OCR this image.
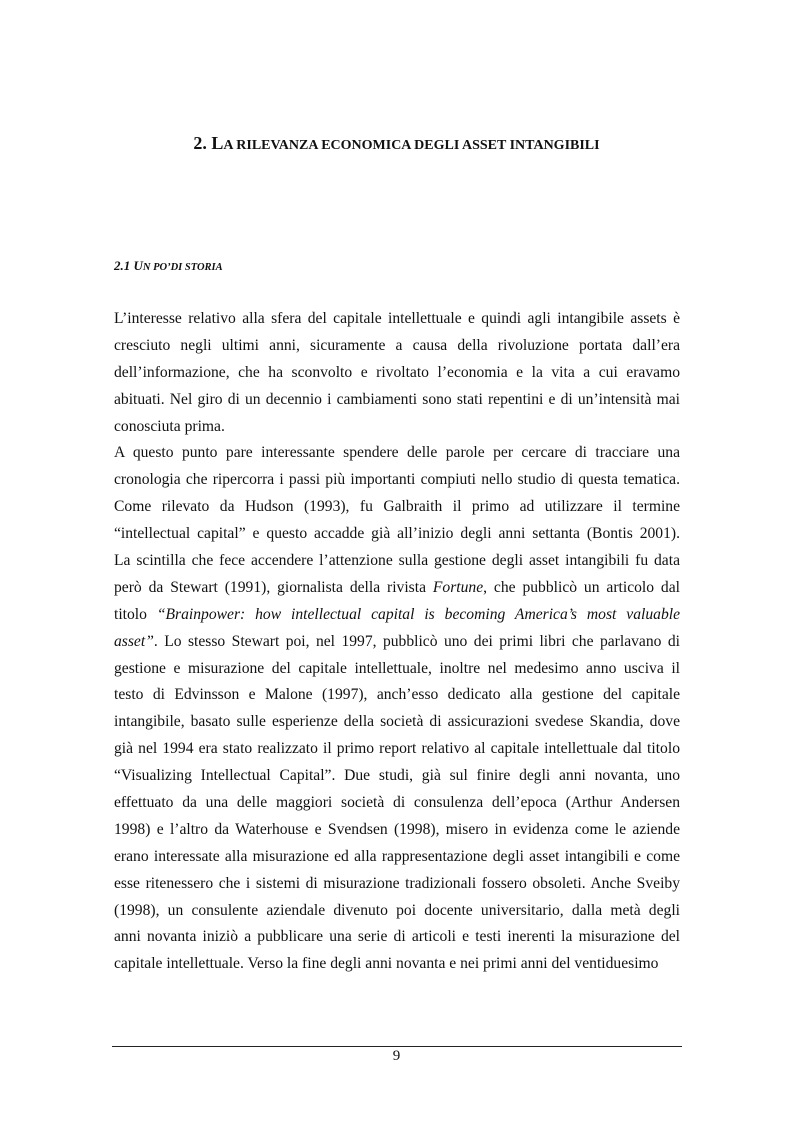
2. LA RILEVANZA ECONOMICA DEGLI ASSET INTANGIBILI
2.1 UN PO’DI STORIA
L’interesse relativo alla sfera del capitale intellettuale e quindi agli intangibile assets è
cresciuto negli ultimi anni, sicuramente a causa della rivoluzione portata dall’era
dell’informazione, che ha sconvolto e rivoltato l’economia e la vita a cui eravamo
abituati. Nel giro di un decennio i cambiamenti sono stati repentini e di un’intensità mai
conosciuta prima.
A questo punto pare interessante spendere delle parole per cercare di tracciare una
cronologia che ripercorra i passi più importanti compiuti nello studio di questa tematica.
Come rilevato da Hudson (1993), fu Galbraith il primo ad utilizzare il termine
“intellectual capital” e questo accadde già all’inizio degli anni settanta (Bontis 2001).
La scintilla che fece accendere l’attenzione sulla gestione degli asset intangibili fu data
però da Stewart (1991), giornalista della rivista Fortune, che pubblicò un articolo dal
titolo “Brainpower: how intellectual capital is becoming America’s most valuable
asset”. Lo stesso Stewart poi, nel 1997, pubblicò uno dei primi libri che parlavano di
gestione e misurazione del capitale intellettuale, inoltre nel medesimo anno usciva il
testo di Edvinsson e Malone (1997), anch’esso dedicato alla gestione del capitale
intangibile, basato sulle esperienze della società di assicurazioni svedese Skandia, dove
già nel 1994 era stato realizzato il primo report relativo al capitale intellettuale dal titolo
“Visualizing Intellectual Capital”. Due studi, già sul finire degli anni novanta, uno
effettuato da una delle maggiori società di consulenza dell’epoca (Arthur Andersen
1998) e l’altro da Waterhouse e Svendsen (1998), misero in evidenza come le aziende
erano interessate alla misurazione ed alla rappresentazione degli asset intangibili e come
esse ritenessero che i sistemi di misurazione tradizionali fossero obsoleti. Anche Sveiby
(1998), un consulente aziendale divenuto poi docente universitario, dalla metà degli
anni novanta iniziò a pubblicare una serie di articoli e testi inerenti la misurazione del
capitale intellettuale. Verso la fine degli anni novanta e nei primi anni del ventiduesimo
9
